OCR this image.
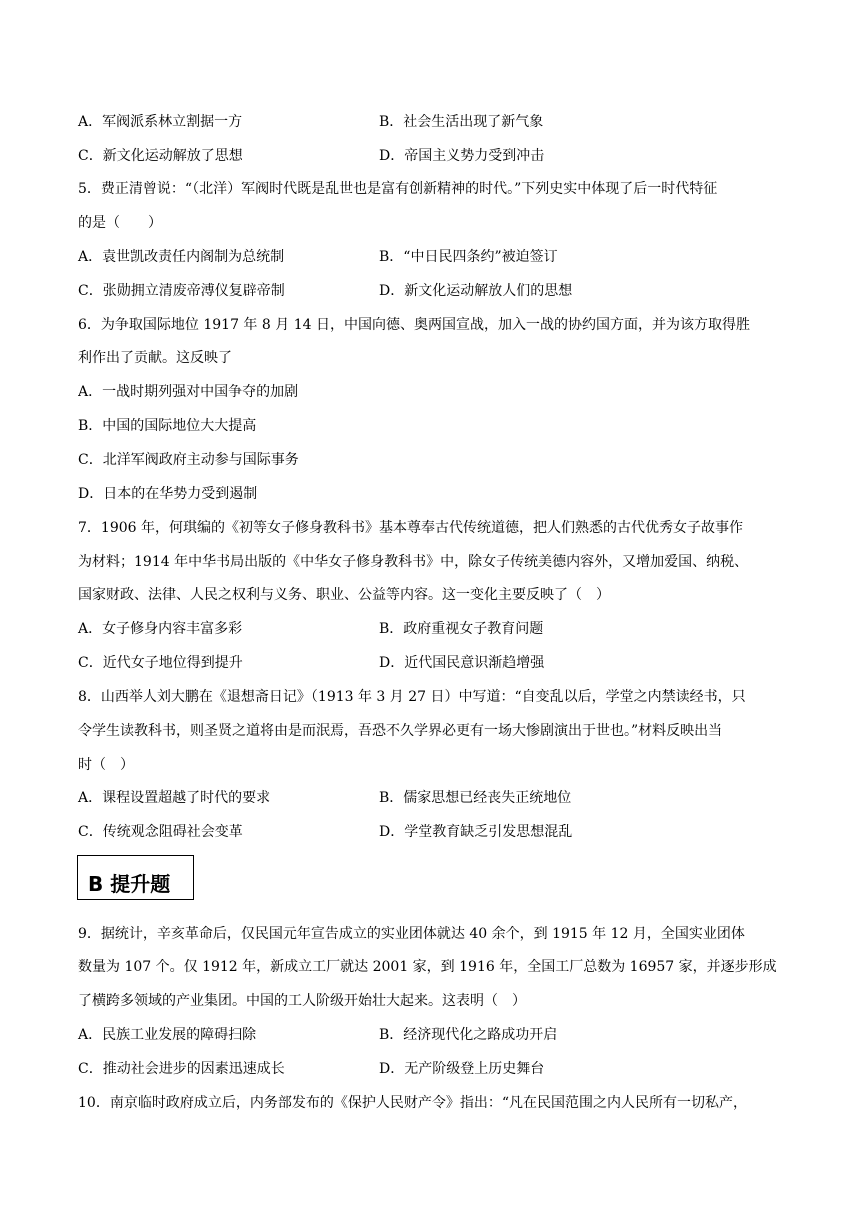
A．军阀派系林立割据一方	B．社会生活出现了新气象
C．新文化运动解放了思想	D．帝国主义势力受到冲击
5．费正清曾说：“（北洋）军阀时代既是乱世也是富有创新精神的时代。”下列史实中体现了后一时代特征
的是（　　）
A．袁世凯改责任内阁制为总统制	B．“中日民四条约”被迫签订
C．张勋拥立清废帝溥仪复辟帝制	D．新文化运动解放人们的思想
6．为争取国际地位 1917 年 8 月 14 日，中国向德、奥两国宣战，加入一战的协约国方面，并为该方取得胜
利作出了贡献。这反映了
A．一战时期列强对中国争夺的加剧
B．中国的国际地位大大提高
C．北洋军阀政府主动参与国际事务
D．日本的在华势力受到遏制
7．1906 年，何琪编的《初等女子修身教科书》基本尊奉古代传统道德，把人们熟悉的古代优秀女子故事作
为材料；1914 年中华书局出版的《中华女子修身教科书》中，除女子传统美德内容外，又增加爱国、纳税、
国家财政、法律、人民之权利与义务、职业、公益等内容。这一变化主要反映了（　）
A．女子修身内容丰富多彩	B．政府重视女子教育问题
C．近代女子地位得到提升	D．近代国民意识渐趋增强
8．山西举人刘大鹏在《退想斋日记》（1913 年 3 月 27 日）中写道：“自变乱以后，学堂之内禁读经书，只
令学生读教科书，则圣贤之道将由是而泯焉，吾恐不久学界必更有一场大惨剧演出于世也。”材料反映出当
时（　）
A．课程设置超越了时代的要求	B．儒家思想已经丧失正统地位
C．传统观念阻碍社会变革	D．学堂教育缺乏引发思想混乱
B 提升题
9．据统计，辛亥革命后，仅民国元年宣告成立的实业团体就达 40 余个，到 1915 年 12 月，全国实业团体
数量为 107 个。仅 1912 年，新成立工厂就达 2001 家，到 1916 年，全国工厂总数为 16957 家，并逐步形成
了横跨多领域的产业集团。中国的工人阶级开始壮大起来。这表明（　）
A．民族工业发展的障碍扫除	B．经济现代化之路成功开启
C．推动社会进步的因素迅速成长	D．无产阶级登上历史舞台
10．南京临时政府成立后，内务部发布的《保护人民财产令》指出：“凡在民国范围之内人民所有一切私产，
